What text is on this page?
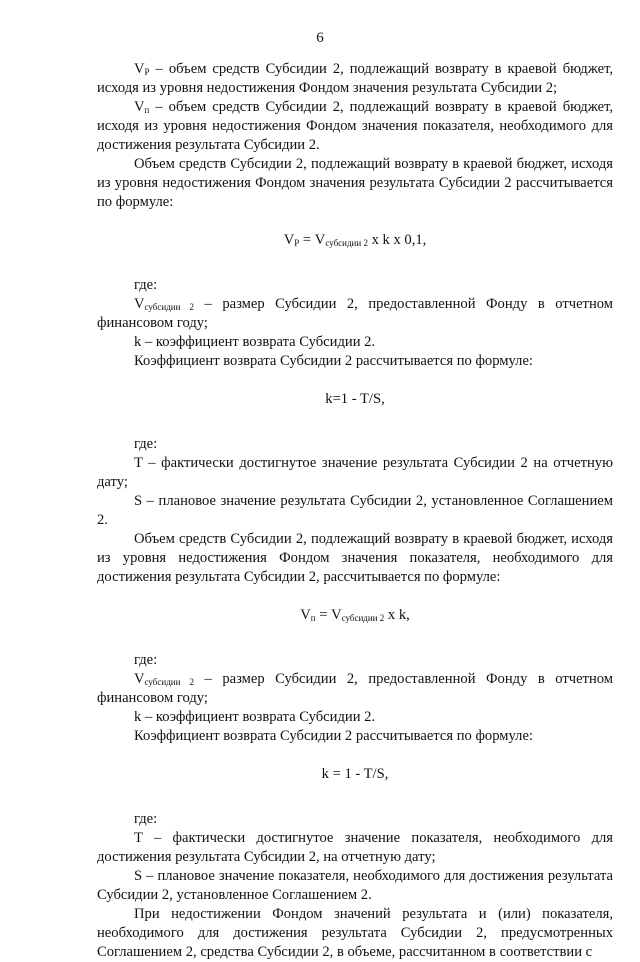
6

$V_Р$ – объем средств Субсидии 2, подлежащий возврату в краевой бюджет, исходя из уровня недостижения Фондом значения результата Субсидии 2;

$V_п$ – объем средств Субсидии 2, подлежащий возврату в краевой бюджет, исходя из уровня недостижения Фондом значения показателя, необходимого для достижения результата Субсидии 2.

Объем средств Субсидии 2, подлежащий возврату в краевой бюджет, исходя из уровня недостижения Фондом значения результата Субсидии 2 рассчитывается по формуле:

$V_Р = V_{субсидии 2}$ x k x 0,1,

где:

$V_{субсидии 2}$ – размер Субсидии 2, предоставленной Фонду в отчетном финансовом году;

k – коэффициент возврата Субсидии 2.

Коэффициент возврата Субсидии 2 рассчитывается по формуле:

k=1 - T/S,

где:

T – фактически достигнутое значение результата Субсидии 2 на отчетную дату;

S – плановое значение результата Субсидии 2, установленное Соглашением 2.

Объем средств Субсидии 2, подлежащий возврату в краевой бюджет, исходя из уровня недостижения Фондом значения показателя, необходимого для достижения результата Субсидии 2, рассчитывается по формуле:

$V_п = V_{субсидии 2}$ x k,

где:

$V_{субсидии 2}$ – размер Субсидии 2, предоставленной Фонду в отчетном финансовом году;

k – коэффициент возврата Субсидии 2.

Коэффициент возврата Субсидии 2 рассчитывается по формуле:

k = 1 - T/S,

где:

T – фактически достигнутое значение показателя, необходимого для достижения результата Субсидии 2, на отчетную дату;

S – плановое значение показателя, необходимого для достижения результата Субсидии 2, установленное Соглашением 2.

При недостижении Фондом значений результата и (или) показателя, необходимого для достижения результата Субсидии 2, предусмотренных Соглашением 2, средства Субсидии 2, в объеме, рассчитанном в соответствии с
